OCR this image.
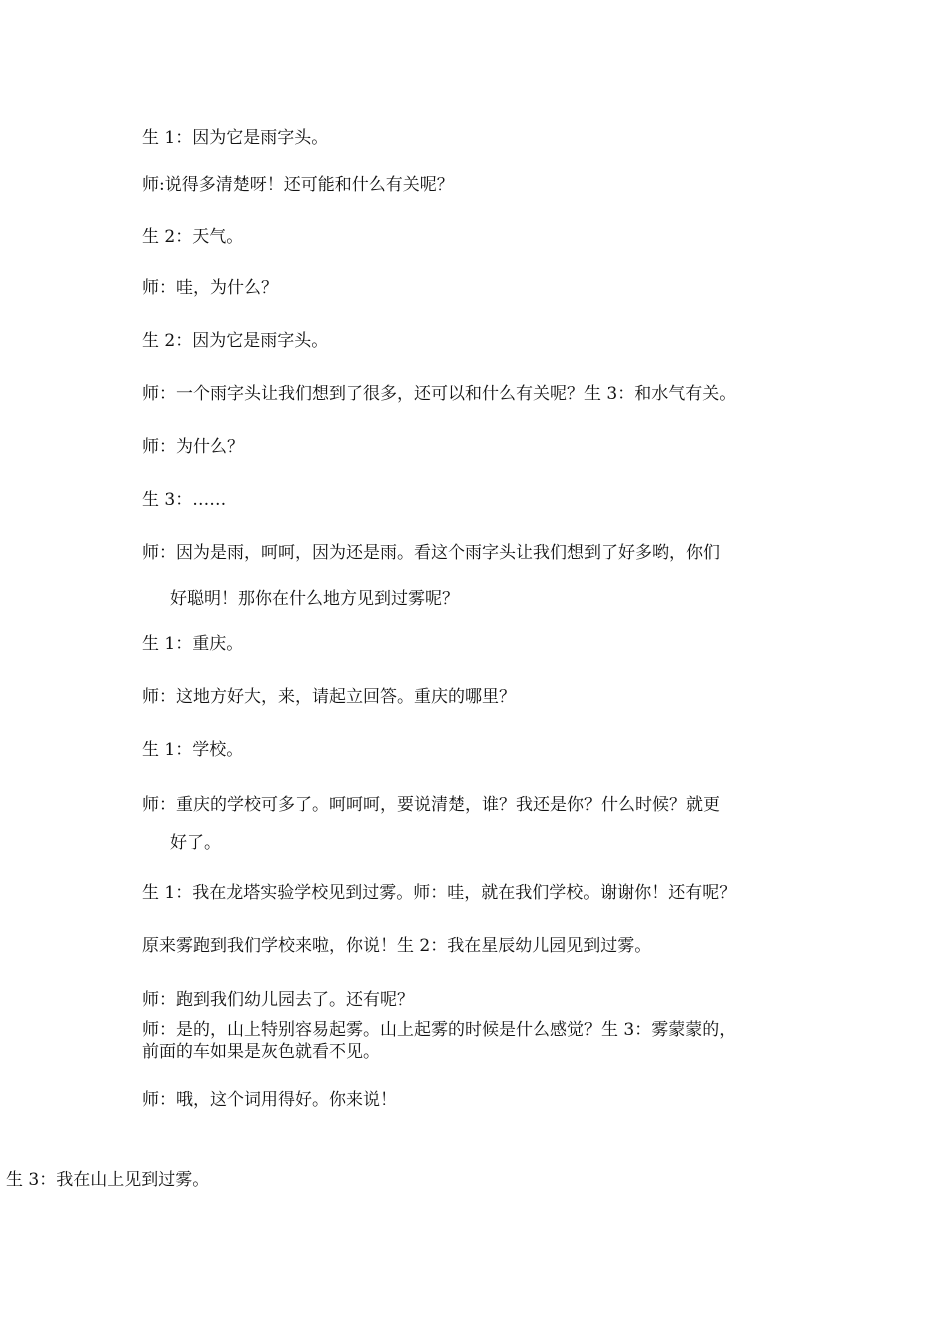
生 1：因为它是雨字头。

师:说得多清楚呀！还可能和什么有关呢？

生 2：天气。

师：哇，为什么？

生 2：因为它是雨字头。

师：一个雨字头让我们想到了很多，还可以和什么有关呢？生 3：和水气有关。

师：为什么？

生 3：……

师：因为是雨，呵呵，因为还是雨。看这个雨字头让我们想到了好多哟，你们

好聪明！那你在什么地方见到过雾呢？

生 1：重庆。

师：这地方好大，来，请起立回答。重庆的哪里？

生 1：学校。

师：重庆的学校可多了。呵呵呵，要说清楚，谁？我还是你？什么时候？就更

好了。

生 1：我在龙塔实验学校见到过雾。师：哇，就在我们学校。谢谢你！还有呢？

原来雾跑到我们学校来啦，你说！生 2：我在星辰幼儿园见到过雾。

师：跑到我们幼儿园去了。还有呢？

师：是的，山上特别容易起雾。山上起雾的时候是什么感觉？生 3：雾蒙蒙的，

前面的车如果是灰色就看不见。

师：哦，这个词用得好。你来说！

生 3：我在山上见到过雾。
